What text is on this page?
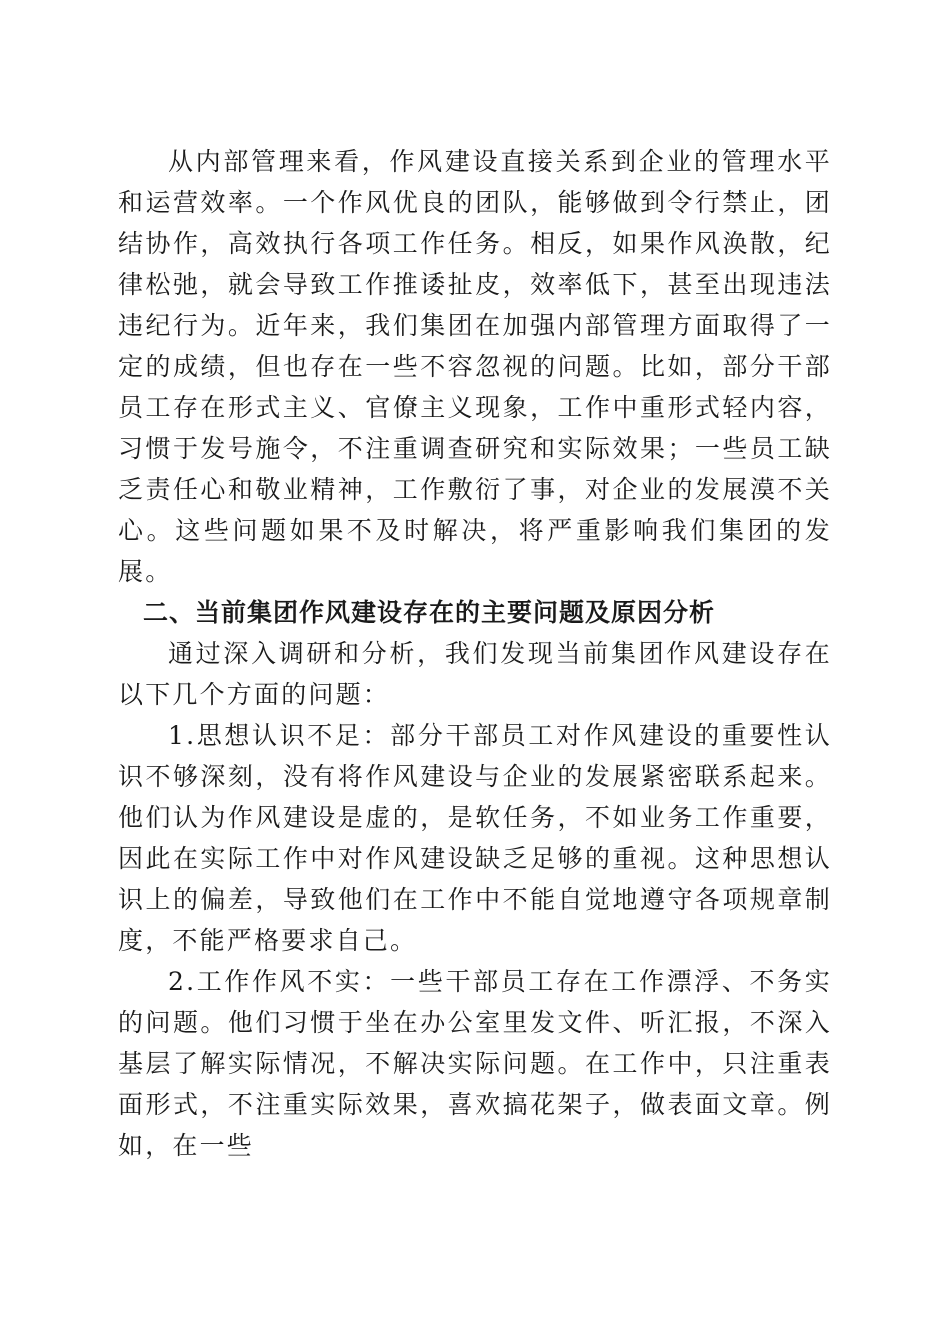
从内部管理来看，作风建设直接关系到企业的管理水平和运营效率。一个作风优良的团队，能够做到令行禁止，团结协作，高效执行各项工作任务。相反，如果作风涣散，纪律松弛，就会导致工作推诿扯皮，效率低下，甚至出现违法违纪行为。近年来，我们集团在加强内部管理方面取得了一定的成绩，但也存在一些不容忽视的问题。比如，部分干部员工存在形式主义、官僚主义现象，工作中重形式轻内容，习惯于发号施令，不注重调查研究和实际效果；一些员工缺乏责任心和敬业精神，工作敷衍了事，对企业的发展漠不关心。这些问题如果不及时解决，将严重影响我们集团的发展。

二、当前集团作风建设存在的主要问题及原因分析

通过深入调研和分析，我们发现当前集团作风建设存在以下几个方面的问题：

1.思想认识不足：部分干部员工对作风建设的重要性认识不够深刻，没有将作风建设与企业的发展紧密联系起来。他们认为作风建设是虚的，是软任务，不如业务工作重要，因此在实际工作中对作风建设缺乏足够的重视。这种思想认识上的偏差，导致他们在工作中不能自觉地遵守各项规章制度，不能严格要求自己。

2.工作作风不实：一些干部员工存在工作漂浮、不务实的问题。他们习惯于坐在办公室里发文件、听汇报，不深入基层了解实际情况，不解决实际问题。在工作中，只注重表面形式，不注重实际效果，喜欢搞花架子，做表面文章。例如，在一些
